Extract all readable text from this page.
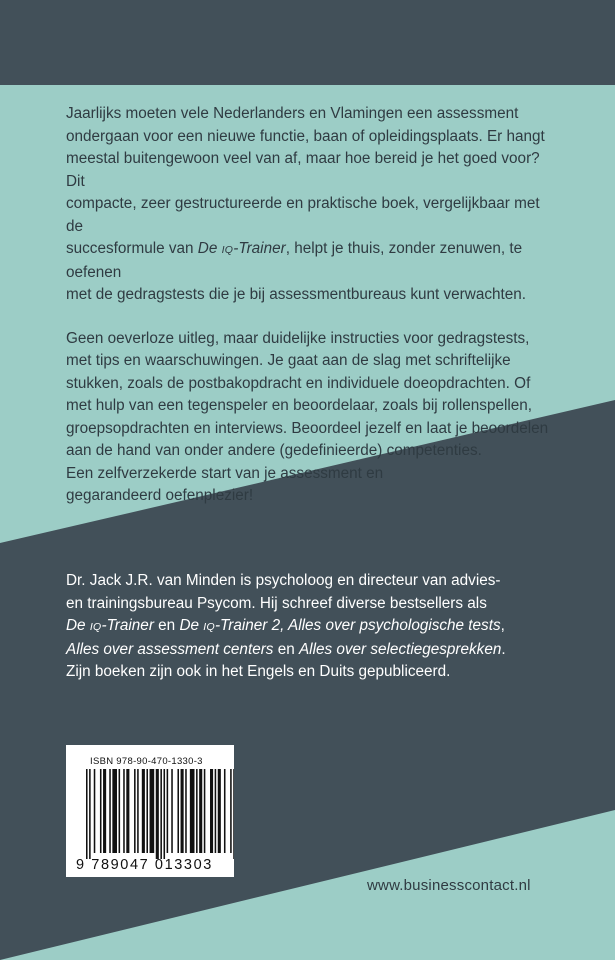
Jaarlijks moeten vele Nederlanders en Vlamingen een assessment
ondergaan voor een nieuwe functie, baan of opleidingsplaats. Er hangt
meestal buitengewoon veel van af, maar hoe bereid je het goed voor? Dit
compacte, zeer gestructureerde en praktische boek, vergelijkbaar met de
succesformule van De IQ-Trainer, helpt je thuis, zonder zenuwen, te oefenen
met de gedragstests die je bij assessmentbureaus kunt verwachten.

Geen oeverloze uitleg, maar duidelijke instructies voor gedragstests,
met tips en waarschuwingen. Je gaat aan de slag met schriftelijke
stukken, zoals de postbakopdracht en individuele doeopdrachten. Of
met hulp van een tegenspeler en beoordelaar, zoals bij rollenspellen,
groepsopdrachten en interviews. Beoordeel jezelf en laat je beoordelen
aan de hand van onder andere (gedefinieerde) competenties.
Een zelfverzekerde start van je assessment en
gegarandeerd oefenplezier!

Dr. Jack J.R. van Minden is psycholoog en directeur van advies-
en trainingsbureau Psycom. Hij schreef diverse bestsellers als
De IQ-Trainer en De IQ-Trainer 2, Alles over psychologische tests,
Alles over assessment centers en Alles over selectiegesprekken.
Zijn boeken zijn ook in het Engels en Duits gepubliceerd.

ISBN 978-90-470-1330-3
9 789047 013303
www.businesscontact.nl
